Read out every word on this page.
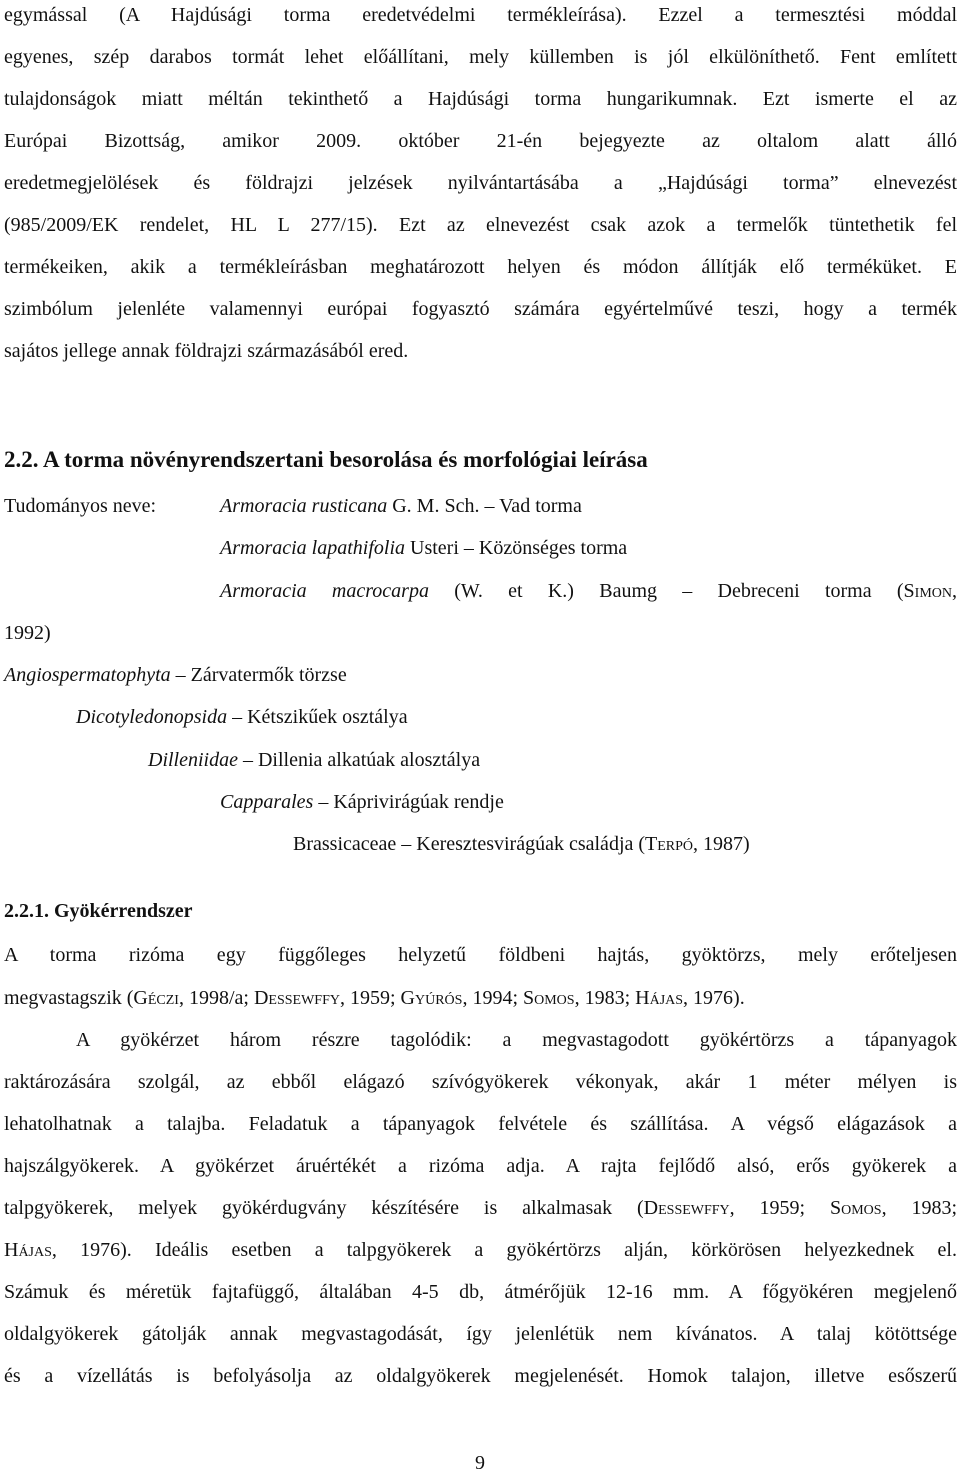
egymással (A Hajdúsági torma eredetvédelmi termékleírása). Ezzel a termesztési móddal
egyenes, szép darabos tormát lehet előállítani, mely küllemben is jól elkülöníthető. Fent említett
tulajdonságok miatt méltán tekinthető a Hajdúsági torma hungarikumnak. Ezt ismerte el az
Európai Bizottság, amikor 2009. október 21-én bejegyezte az oltalom alatt álló
eredetmegjelölések és földrajzi jelzések nyilvántartásába a „Hajdúsági torma” elnevezést
(985/2009/EK rendelet, HL L 277/15). Ezt az elnevezést csak azok a termelők tüntethetik fel
termékeiken, akik a termékleírásban meghatározott helyen és módon állítják elő terméküket. E
szimbólum jelenléte valamennyi európai fogyasztó számára egyértelművé teszi, hogy a termék
sajátos jellege annak földrajzi származásából ered.
2.2. A torma növényrendszertani besorolása és morfológiai leírása
Tudományos neve:	Armoracia rusticana G. M. Sch. – Vad torma
Armoracia lapathifolia Usteri – Közönséges torma
Armoracia macrocarpa (W. et K.) Baumg – Debreceni torma (Simon,
1992)
Angiospermatophyta – Zárvatermők törzse
Dicotyledonopsida – Kétszikűek osztálya
Dilleniidae – Dillenia alkatúak alosztálya
Capparales – Káprivirágúak rendje
Brassicaceae – Keresztesvirágúak családja (Terpó, 1987)
2.2.1. Gyökérrendszer
A torma rizóma egy függőleges helyzetű földbeni hajtás, gyöktörzs, mely erőteljesen
megvastagszik (Géczi, 1998/a; Dessewffy, 1959; Gyúrós, 1994; Somos, 1983; Hájas, 1976).
A gyökérzet három részre tagolódik: a megvastagodott gyökértörzs a tápanyagok
raktározására szolgál, az ebből elágazó szívógyökerek vékonyak, akár 1 méter mélyen is
lehatolhatnak a talajba. Feladatuk a tápanyagok felvétele és szállítása. A végső elágazások a
hajszálgyökerek. A gyökérzet áruértékét a rizóma adja. A rajta fejlődő alsó, erős gyökerek a
talpgyökerek, melyek gyökérdugvány készítésére is alkalmasak (Dessewffy, 1959; Somos, 1983;
Hájas, 1976). Ideális esetben a talpgyökerek a gyökértörzs alján, körkörösen helyezkednek el.
Számuk és méretük fajtafüggő, általában 4-5 db, átmérőjük 12-16 mm. A főgyökéren megjelenő
oldalgyökerek gátolják annak megvastagodását, így jelenlétük nem kívánatos. A talaj kötöttsége
és a vízellátás is befolyásolja az oldalgyökerek megjelenését. Homok talajon, illetve esőszerű
9
